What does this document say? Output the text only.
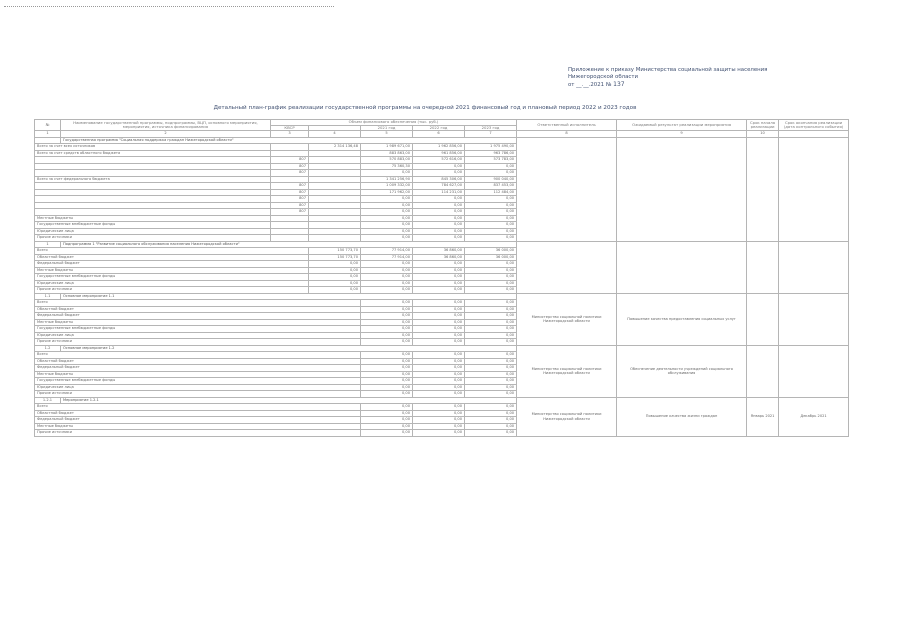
Приложение к приказу Министерства социальной защиты населения
Нижегородской области
от __.__.2021 № 137
Детальный план-график реализации государственной программы на очередной 2021 финансовый год и плановый период 2022 и 2023 годов
№	Наименование государственной программы, подпрограммы, ВЦП, основного мероприятия, мероприятия, источника финансирования	Объем финансового обеспечения (тыс. руб.)					Ответственный исполнитель	Ожидаемый результат реализации мероприятия	Срок начала реализации	Срок окончания реализации (дата контрольного события)
		КВСР		2021 год	2022 год	2023 год				
1	2	3	4	5	6	7	8	9	10	
	Государственная программа "Социальная поддержка граждан Нижегородской области"									
Всего за счет всех источников			2 314 136,48	1 989 671,00	1 962 856,00	1 975 490,00				
Всего за счет средств областного бюджета				883 863,00	961 856,00	963 786,00				
		807		570 883,00	572 616,00	573 783,00				
		807		75 360,30	0,00	0,00				
		807		0,00	0,00	0,00				
Всего за счет федерального бюджета				1 341 256,90	845 306,00	900 040,00				
		807		1 009 332,00	784 627,00	837 453,00				
		807		171 962,00	114 231,00	112 484,00				
		807		0,00	0,00	0,00				
		807		0,00	0,00	0,00				
		807		0,00	0,00	0,00				
Местные бюджеты				0,00	0,00	0,00				
Государственные внебюджетные фонды				0,00	0,00	0,00				
Юридические лица				0,00	0,00	0,00				
Прочие источники				0,00	0,00	0,00				
1	Подпрограмма 1 "Развитие социального обслуживания населения Нижегородской области"									
Всего			150 773,70	77 914,00	36 860,00	36 000,00				
Областной бюджет			150 773,70	77 914,00	36 860,00	36 000,00				
Федеральный бюджет			0,00	0,00	0,00	0,00				
Местные бюджеты			0,00	0,00	0,00	0,00				
Государственные внебюджетные фонды			0,00	0,00	0,00	0,00				
Юридические лица			0,00	0,00	0,00	0,00				
Прочие источники			0,00	0,00	0,00	0,00				
1.1	Основное мероприятие 1.1						Министерство социальной политики Нижегородской области	Повышение качества предоставления социальных услуг		
Всего				0,00	0,00	0,00				
Областной бюджет				0,00	0,00	0,00				
Федеральный бюджет				0,00	0,00	0,00				
Местные бюджеты				0,00	0,00	0,00				
Государственные внебюджетные фонды				0,00	0,00	0,00				
Юридические лица				0,00	0,00	0,00				
Прочие источники				0,00	0,00	0,00				
1.2	Основное мероприятие 1.2						Министерство социальной политики Нижегородской области	Обеспечение деятельности учреждений социального обслуживания		
Всего				0,00	0,00	0,00				
Областной бюджет				0,00	0,00	0,00				
Федеральный бюджет				0,00	0,00	0,00				
Местные бюджеты				0,00	0,00	0,00				
Государственные внебюджетные фонды				0,00	0,00	0,00				
Юридические лица				0,00	0,00	0,00				
Прочие источники				0,00	0,00	0,00				
1.2.1	Мероприятие 1.2.1						Министерство социальной политики Нижегородской области	Повышение качества жизни граждан	Январь 2021	Декабрь 2021
Всего				0,00	0,00	0,00				
Областной бюджет				0,00	0,00	0,00				
Федеральный бюджет				0,00	0,00	0,00				
Местные бюджеты				0,00	0,00	0,00				
Прочие источники				0,00	0,00	0,00				
